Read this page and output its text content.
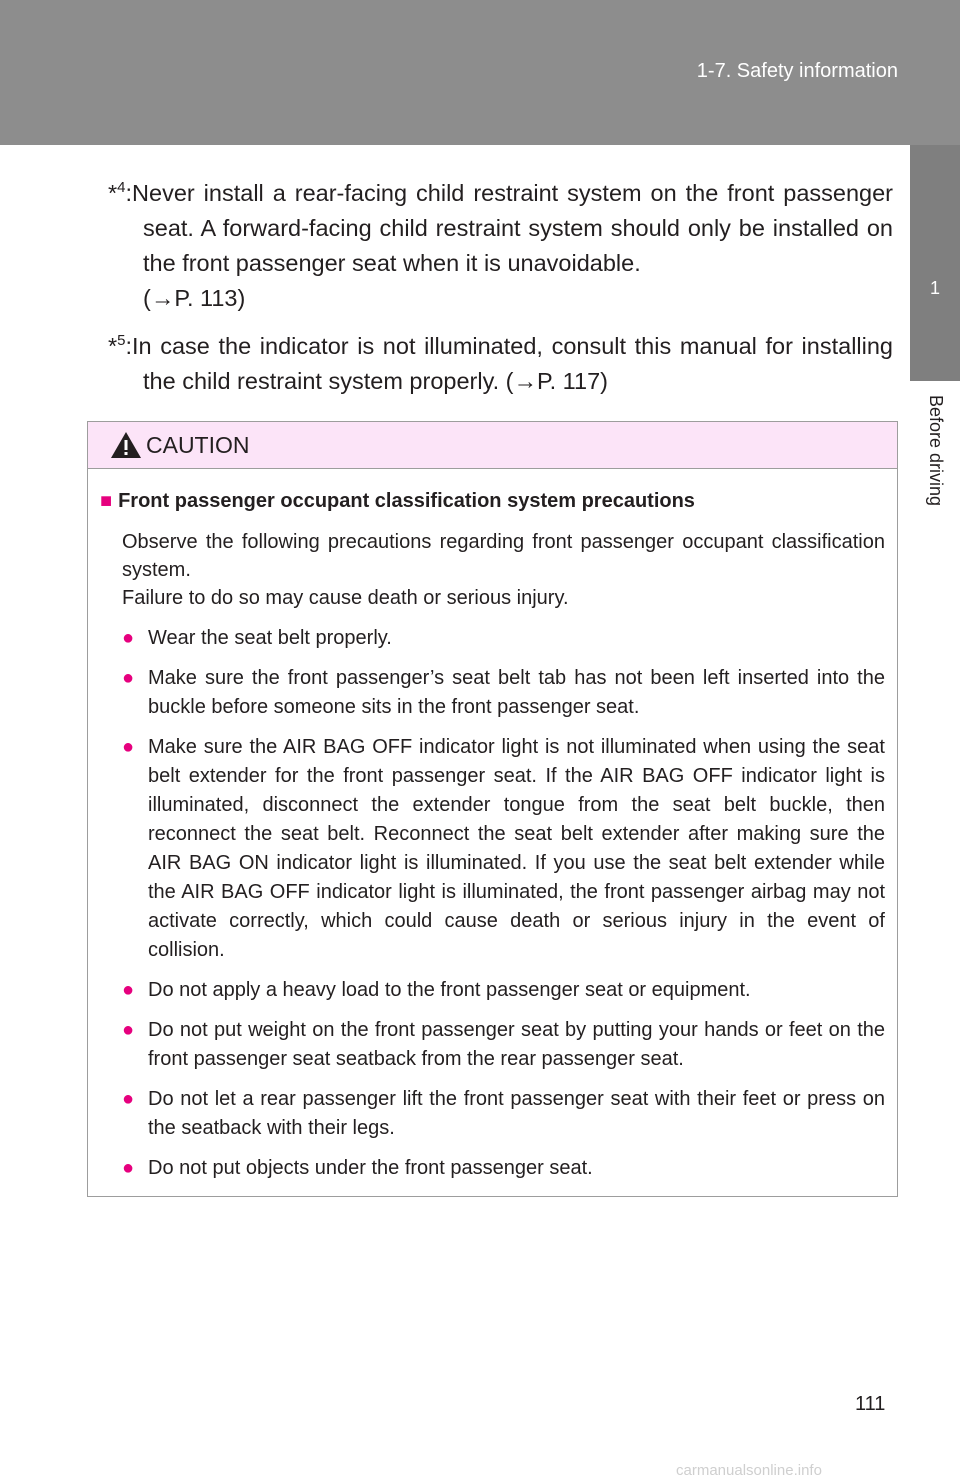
1-7. Safety information
1
Before driving

*$^4$:Never install a rear-facing child restraint system on the front passenger seat. A forward-facing child restraint system should only be installed on the front passenger seat when it is unavoidable.
(→P. 113)

*$^5$:In case the indicator is not illuminated, consult this manual for installing the child restraint system properly. (→P. 117)

CAUTION

■ Front passenger occupant classification system precautions

Observe the following precautions regarding front passenger occupant classification system.
Failure to do so may cause death or serious injury.

● Wear the seat belt properly.

● Make sure the front passenger’s seat belt tab has not been left inserted into the buckle before someone sits in the front passenger seat.

● Make sure the AIR BAG OFF indicator light is not illuminated when using the seat belt extender for the front passenger seat. If the AIR BAG OFF indicator light is illuminated, disconnect the extender tongue from the seat belt buckle, then reconnect the seat belt. Reconnect the seat belt extender after making sure the AIR BAG ON indicator light is illuminated. If you use the seat belt extender while the AIR BAG OFF indicator light is illuminated, the front passenger airbag may not activate correctly, which could cause death or serious injury in the event of collision.

● Do not apply a heavy load to the front passenger seat or equipment.

● Do not put weight on the front passenger seat by putting your hands or feet on the front passenger seat seatback from the rear passenger seat.

● Do not let a rear passenger lift the front passenger seat with their feet or press on the seatback with their legs.

● Do not put objects under the front passenger seat.

111
carmanualsonline.info
